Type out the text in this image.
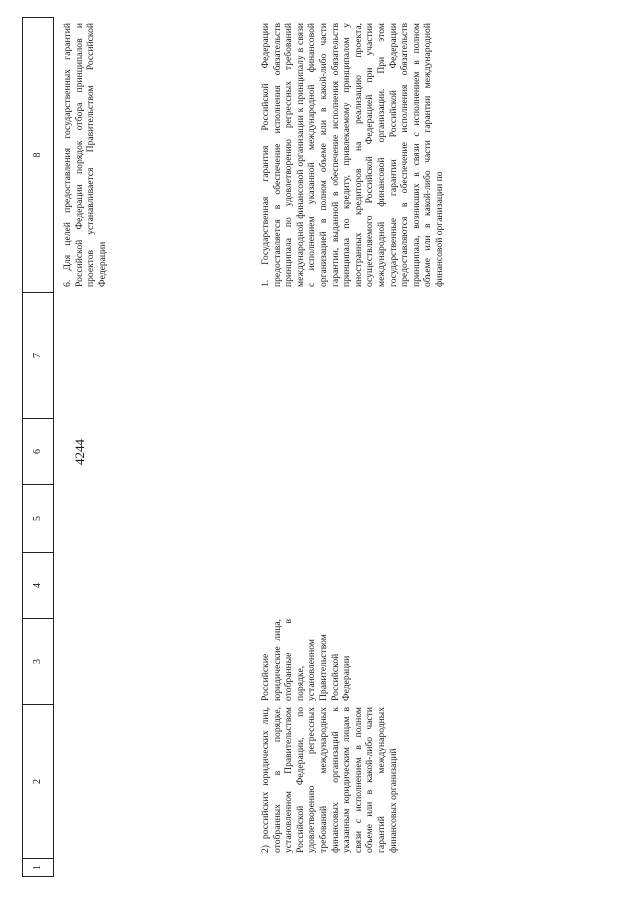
4244
1
2
3
4
5
6
7
8	6. Для целей предоставления государственных гарантий Российской Федерации порядок отбора принципалов и проектов устанавливается Правительством Российской Федерации
2) российских юридических лиц, отобранных в порядке, установленном Правительством Российской Федерации, по удовлетворению регрессных требований международных финансовых организаций к указанным юридическим лицам в связи с исполнением в полном объеме или в какой-либо части гарантий международных финансовых организаций
Российские юридические лица, отобранные в порядке, установленном Правительством Российской Федерации
1. Государственная гарантия Российской Федерации предоставляется в обеспечение исполнения обязательств принципала по удовлетворению регрессных требований международной финансовой организации к принципалу в связи с исполнением указанной международной финансовой организацией в полном объеме или в какой-либо части гарантии, выданной в обеспечение исполнения обязательств принципала по кредиту, привлекаемому принципалом у иностранных кредиторов на реализацию проекта, осуществляемого Российской Федерацией при участии международной финансовой организации. При этом государственные гарантии Российской Федерации предоставляются в обеспечение исполнения обязательств принципала, возникших в связи с исполнением в полном объеме или в какой-либо части гарантии международной финансовой организации по
